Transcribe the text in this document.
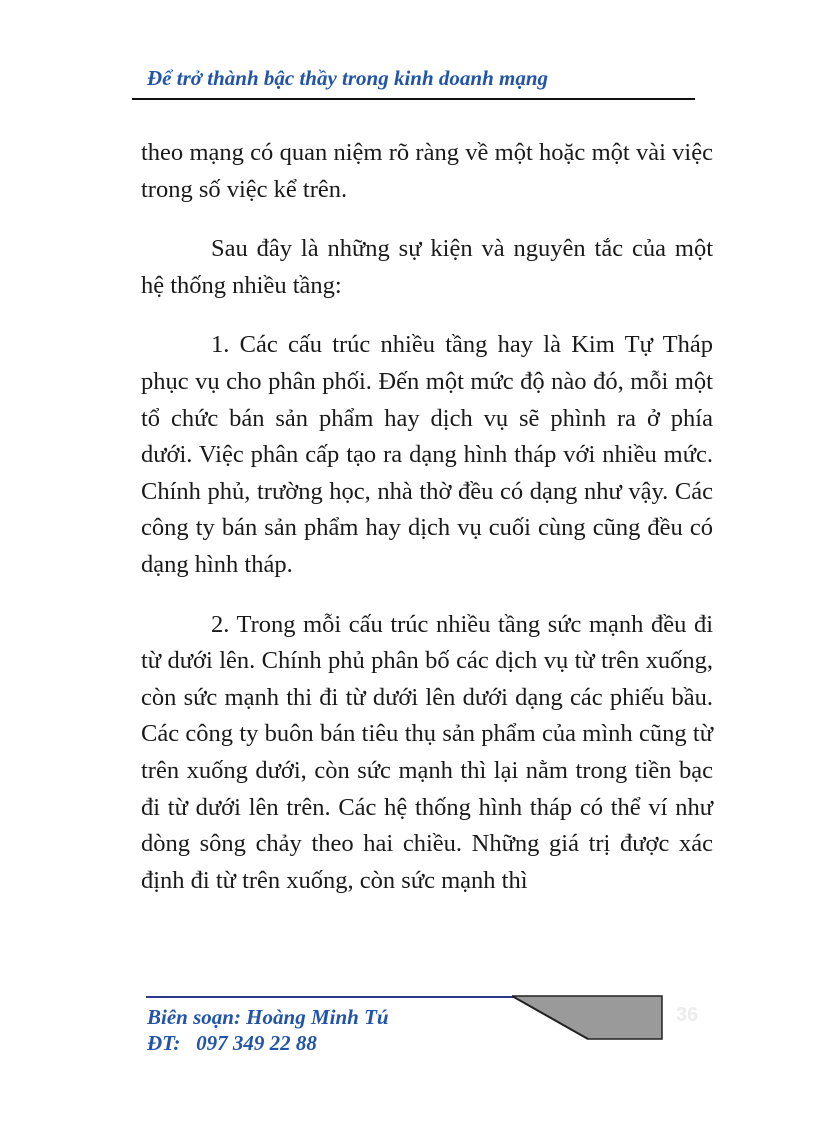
Để trở thành bậc thầy trong kinh doanh mạng

theo mạng có quan niệm rõ ràng về một hoặc một vài việc trong số việc kể trên.

Sau đây là những sự kiện và nguyên tắc của một hệ thống nhiều tầng:

1. Các cấu trúc nhiều tầng hay là Kim Tự Tháp phục vụ cho phân phối. Đến một mức độ nào đó, mỗi một tổ chức bán sản phẩm hay dịch vụ sẽ phình ra ở phía dưới. Việc phân cấp tạo ra dạng hình tháp với nhiều mức. Chính phủ, trường học, nhà thờ đều có dạng như vậy. Các công ty bán sản phẩm hay dịch vụ cuối cùng cũng đều có dạng hình tháp.

2. Trong mỗi cấu trúc nhiều tầng sức mạnh đều đi từ dưới lên. Chính phủ phân bố các dịch vụ từ trên xuống, còn sức mạnh thi đi từ dưới lên dưới dạng các phiếu bầu. Các công ty buôn bán tiêu thụ sản phẩm của mình cũng từ trên xuống dưới, còn sức mạnh thì lại nằm trong tiền bạc đi từ dưới lên trên. Các hệ thống hình tháp có thể ví như dòng sông chảy theo hai chiều. Những giá trị được xác định đi từ trên xuống, còn sức mạnh thì

36
Biên soạn: Hoàng Minh Tú
ĐT:   097 349 22 88
